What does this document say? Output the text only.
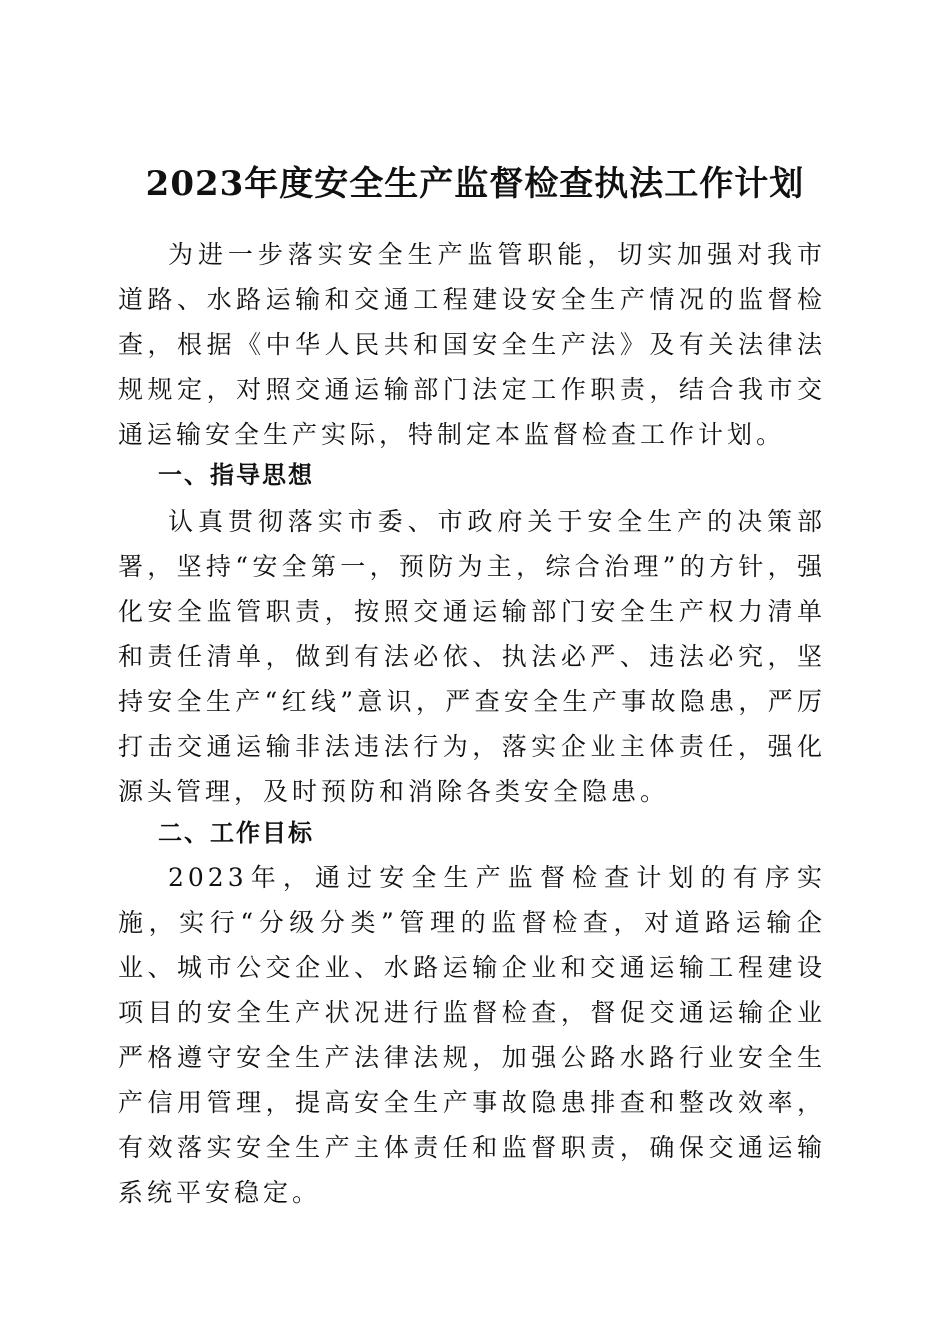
2023年度安全生产监督检查执法工作计划

为进一步落实安全生产监管职能，切实加强对我市道路、水路运输和交通工程建设安全生产情况的监督检查，根据《中华人民共和国安全生产法》及有关法律法规规定，对照交通运输部门法定工作职责，结合我市交通运输安全生产实际，特制定本监督检查工作计划。

一、指导思想

认真贯彻落实市委、市政府关于安全生产的决策部署，坚持“安全第一，预防为主，综合治理”的方针，强化安全监管职责，按照交通运输部门安全生产权力清单和责任清单，做到有法必依、执法必严、违法必究，坚持安全生产“红线”意识，严查安全生产事故隐患，严厉打击交通运输非法违法行为，落实企业主体责任，强化源头管理，及时预防和消除各类安全隐患。

二、工作目标

2023年，通过安全生产监督检查计划的有序实施，实行“分级分类”管理的监督检查，对道路运输企业、城市公交企业、水路运输企业和交通运输工程建设项目的安全生产状况进行监督检查，督促交通运输企业严格遵守安全生产法律法规，加强公路水路行业安全生产信用管理，提高安全生产事故隐患排查和整改效率，有效落实安全生产主体责任和监督职责，确保交通运输系统平安稳定。
